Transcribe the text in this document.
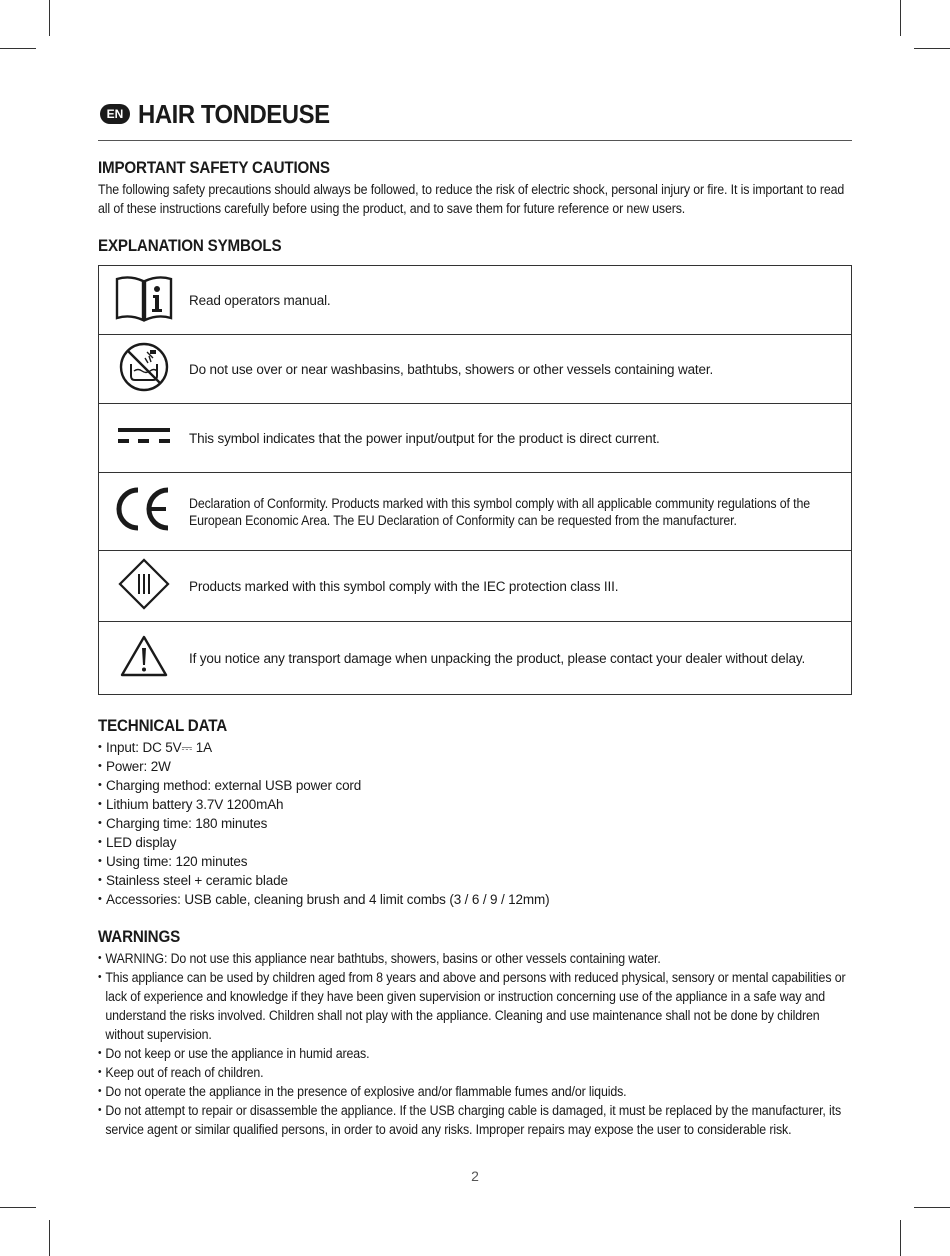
EN HAIR TONDEUSE
IMPORTANT SAFETY CAUTIONS

The following safety precautions should always be followed, to reduce the risk of electric shock, personal injury or fire. It is important to read all of these instructions carefully before using the product, and to save them for future reference or new users.

EXPLANATION SYMBOLS

Read operators manual.

Do not use over or near washbasins, bathtubs, showers or other vessels containing water.

This symbol indicates that the power input/output for the product is direct current.

Declaration of Conformity. Products marked with this symbol comply with all applicable community regulations of the European Economic Area. The EU Declaration of Conformity can be requested from the manufacturer.

Products marked with this symbol comply with the IEC protection class III.

If you notice any transport damage when unpacking the product, please contact your dealer without delay.
TECHNICAL DATA
• Input: DC 5V⎓ 1A
• Power: 2W
• Charging method: external USB power cord
• Lithium battery 3.7V 1200mAh
• Charging time: 180 minutes
• LED display
• Using time: 120 minutes
• Stainless steel + ceramic blade
• Accessories: USB cable, cleaning brush and 4 limit combs (3 / 6 / 9 / 12mm)
WARNINGS
• WARNING: Do not use this appliance near bathtubs, showers, basins or other vessels containing water.
• This appliance can be used by children aged from 8 years and above and persons with reduced physical, sensory or mental capabilities or lack of experience and knowledge if they have been given supervision or instruction concerning use of the appliance in a safe way and understand the risks involved. Children shall not play with the appliance. Cleaning and use maintenance shall not be done by children without supervision.
• Do not keep or use the appliance in humid areas.
• Keep out of reach of children.
• Do not operate the appliance in the presence of explosive and/or flammable fumes and/or liquids.
• Do not attempt to repair or disassemble the appliance. If the USB charging cable is damaged, it must be replaced by the manufacturer, its service agent or similar qualified persons, in order to avoid any risks. Improper repairs may expose the user to considerable risk.
2
